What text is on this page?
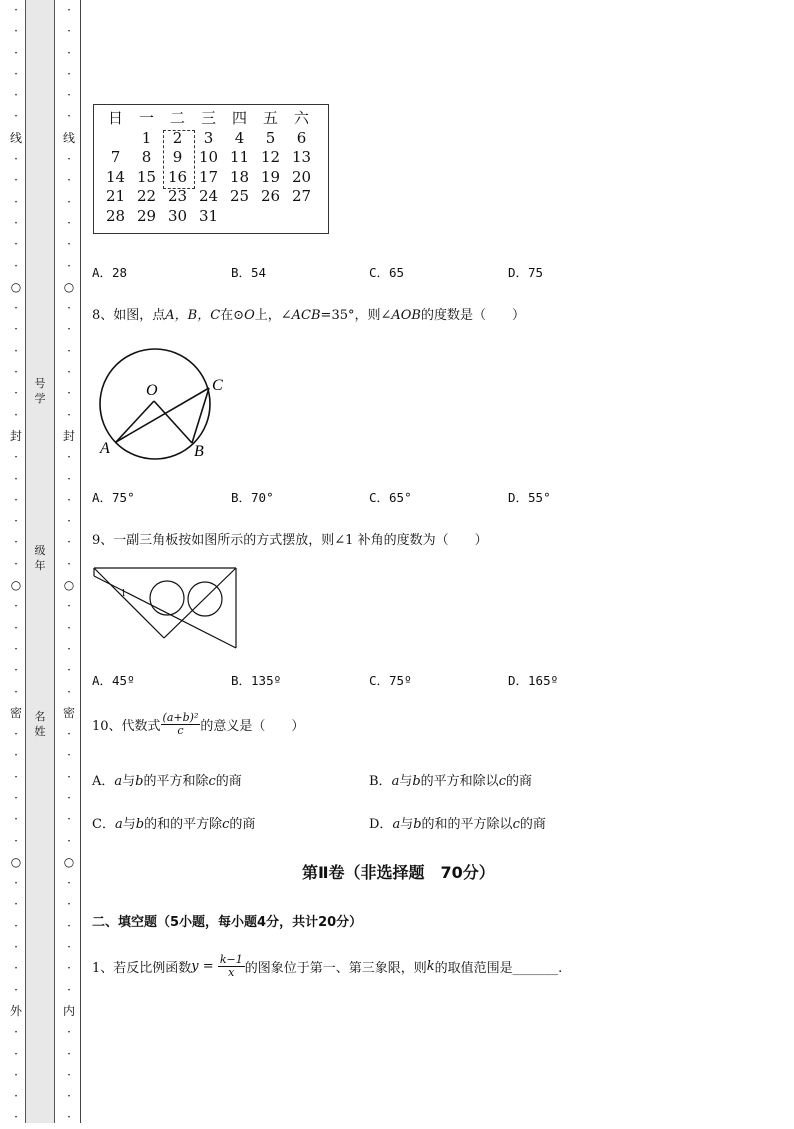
·
·
·
·
·
·
线
·
·
·
·
·
·
○
·
·
·
·
·
·
封
·
·
·
·
·
·
○
·
·
·
·
·
密
·
·
·
·
·
·
○
·
·
·
·
·
·
外
·
·
·
·
·
·
·
·
·
·
·
线
·
·
·
·
·
·
○
·
·
·
·
·
·
封
·
·
·
·
·
·
○
·
·
·
·
·
密
·
·
·
·
·
·
○
·
·
·
·
·
·
内
·
·
·
·
·
号
学
级
年
名
姓
日	一	二	三	四	五	六
	1	2	3	4	5	6
7	8	9	10	11	12	13
14	15	16	17	18	19	20
21	22	23	24	25	26	27
28	29	30	31			
A．28	B．54	C．65	D．75
8、如图，点A，B，C在⊙O上，∠ACB=35°，则∠AOB的度数是（　　）
O
A	B
C
A．75°	B．70°	C．65°	D．55°
9、一副三角板按如图所示的方式摆放，则∠1 补角的度数为（　　）
1
A．45º	B．135º	C．75º	D．165º
10、代数式 $\frac{\text{(a+b)²}}{c}$ 的意义是（　　）
A．a与b的平方和除c的商	B．a与b的平方和除以c的商
C．a与b的和的平方除c的商	D．a与b的和的平方除以c的商
第Ⅱ卷（非选择题　70分）
二、填空题（5小题，每小题4分，共计20分）
1、若反比例函数$y = \frac{k-1}{x}$ 的图象位于第一、第三象限，则k的取值范围是_______.
